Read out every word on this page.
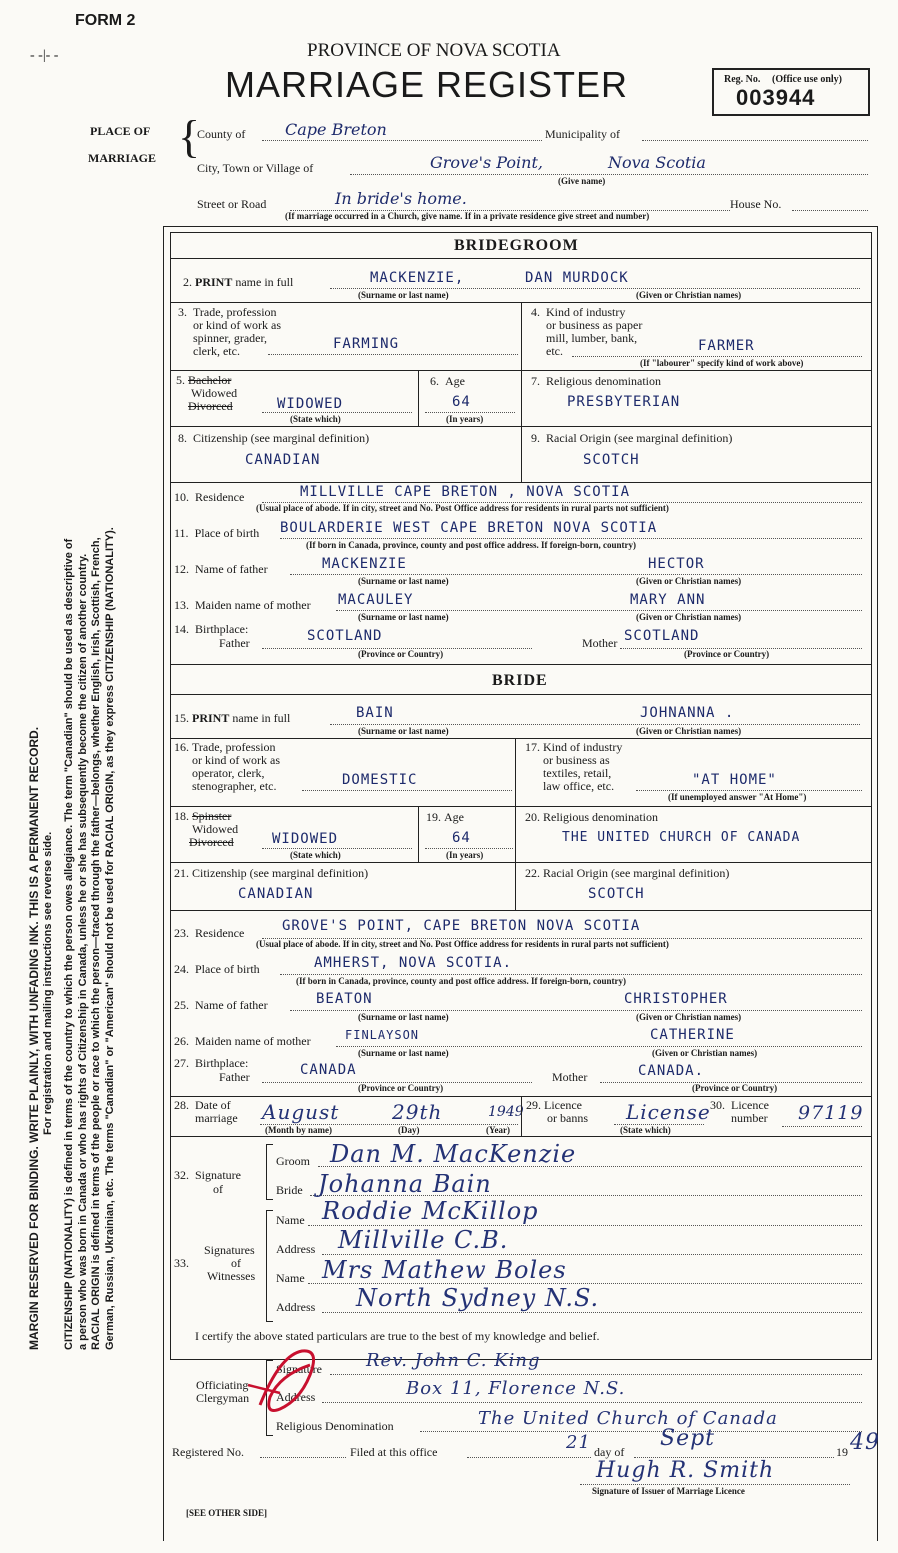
FORM 2
PROVINCE OF NOVA SCOTIA
MARRIAGE REGISTER	Reg. No. (Office use only)
003944
- -|- -
PLACE OF
MARRIAGE {
County of Cape Breton	Municipality of
City, Town or Village of	Grove's Point,	Nova Scotia
(Give name)
Street or Road	In bride's home.	House No.
(If marriage occurred in a Church, give name. If in a private residence give street and number)
MARGIN RESERVED FOR BINDING. WRITE PLAINLY, WITH UNFADING INK. THIS IS A PERMANENT RECORD. For registration and mailing instructions see reverse side. CITIZENSHIP (NATIONALITY) is defined in terms of the country to which the person owes allegiance. The term "Canadian" should be used as descriptive of a person who was born in Canada or who has rights of Citizenship in Canada, unless he or she has subsequently become the citizen of another country. RACIAL ORIGIN is defined in terms of the people or race to which the person—traced through the father—belongs, whether English, Irish, Scottish, French, German, Russian, Ukrainian, etc. The terms "Canadian" or "American" should not be used for RACIAL ORIGIN, as they express CITIZENSHIP (NATIONALITY).
BRIDEGROOM
2. PRINT name in full	MACKENZIE,	DAN MURDOCK
(Surname or last name)	(Given or Christian names)
3.  Trade, profession
or kind of work as
spinner, grader,
clerk, etc.	FARMING
4.  Kind of industry
or business as paper
mill, lumber, bank,
etc.	FARMER
(If "labourer" specify kind of work above)
5. Bachelor
Widowed
Divorced	WIDOWED
(State which)
6.  Age
64
(In years)
7.  Religious denomination
PRESBYTERIAN
8.  Citizenship (see marginal definition)
CANADIAN
9.  Racial Origin (see marginal definition)
SCOTCH
10.  Residence	MILLVILLE CAPE BRETON , NOVA SCOTIA
(Usual place of abode. If in city, street and No. Post Office address for residents in rural parts not sufficient)
11.  Place of birth BOULARDERIE WEST CAPE BRETON NOVA SCOTIA
(If born in Canada, province, county and post office address. If foreign-born, country)
12.  Name of father	MACKENZIE	HECTOR
(Surname or last name)	(Given or Christian names)
13.  Maiden name of mother MACAULEY	MARY ANN
(Surname or last name)	(Given or Christian names)
14.  Birthplace:
Father	SCOTLAND	Mother SCOTLAND
(Province or Country)	(Province or Country)
BRIDE
15. PRINT name in full	BAIN	JOHNANNA .
(Surname or last name)	(Given or Christian names)
16. Trade, profession
or kind of work as
operator, clerk,
stenographer, etc.	DOMESTIC
17. Kind of industry
or business as
textiles, retail,
law office, etc.	"AT HOME"
(If unemployed answer "At Home")
18. Spinster
Widowed
Divorced	WIDOWED
(State which)
19. Age
64
(In years)
20. Religious denomination
THE UNITED CHURCH OF CANADA
21. Citizenship (see marginal definition)
CANADIAN
22. Racial Origin (see marginal definition)
SCOTCH
23.  Residence	GROVE'S POINT, CAPE BRETON NOVA SCOTIA
(Usual place of abode. If in city, street and No. Post Office address for residents in rural parts not sufficient)
24.  Place of birth	AMHERST, NOVA SCOTIA.
(If born in Canada, province, county and post office address. If foreign-born, country)
25.  Name of father	BEATON	CHRISTOPHER
(Surname or last name)	(Given or Christian names)
26.  Maiden name of mother	FINLAYSON	CATHERINE
(Surname or last name)	(Given or Christian names)
27.  Birthplace:
Father	CANADA	Mother	CANADA.
(Province or Country)	(Province or Country)
28.  Date of
marriage August	29th	1949
(Month by name)	(Day)	(Year)
29. Licence
or banns License
(State which)
30.  Licence
number 97119
32.  Signature
of
Groom Dan M. MacKenzie
Bride Johanna Bain
Signatures
33.              of
Witnesses
Name Roddie McKillop
Address Millville C.B.
Name Mrs Mathew Boles
Address North Sydney N.S.
I certify the above stated particulars are true to the best of my knowledge and belief.
Officiating
Clergyman
Signature Rev. John C. King
Address	Box 11, Florence N.S.
Religious Denomination	The United Church of Canada
Registered No.	Filed at this office	21 day of
Sept
19 49
Hugh R. Smith
Signature of Issuer of Marriage Licence
[SEE OTHER SIDE]
